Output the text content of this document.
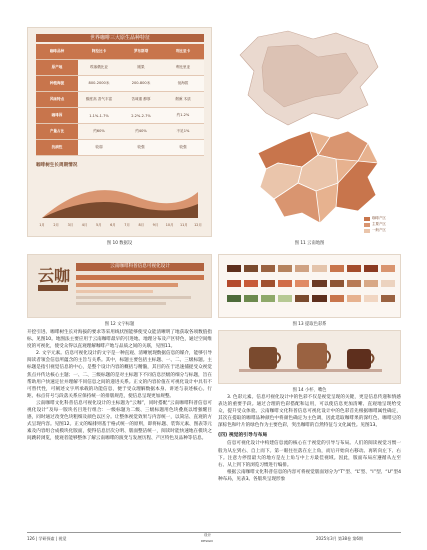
世界咖啡三大原生品种特征
咖啡品种	阿拉比卡	罗布斯塔	利比里卡
原产地	埃塞俄比亚	刚果	利比里亚
种植海拔	800-2000米	200-800米	低海拔
风味特点	酸度高 香气丰富	苦味重 醇厚	烟熏 木质
咖啡因	1.1%-1.7%	2.2%-2.7%	约1.2%
产量占比	约60%	约40%	不足1%
抗病性	较弱	较强	较强
咖啡树生长周期情况
1月	2月	3月	4月	5月	6月	7月	8月	9月 10月 11月 12月
图 10 数据设
咖啡产区
主要产区
一般产区
图 11 云南地图
云咖	云南咖啡科普信息可视化设计
图 12 文字标题	图 13 提取色彩系
图 14 小杯、嘴色

开挖引进、咖啡树生长对海拔的要求等采用线状图能够使受众能清晰明了地获取各项数值指标。见图10。地图法主要应用于云南咖啡最早的引进地、地理分布及产区特色，通过空间维度的可视化，使受众得以直观理解咖啡产地与品质之间的关联，见图11。

2. 文字元素。信息可视化设计的文字是一种直观、清晰展现数据信息的媒介，能够引导阅读者领会信息所蕴含的主旨与关系。其中，标题主要包括主标题、一、二、三级标题。主标题是指引视觉信息的中心，是整个设计内容的概括与精髓，其目的在于迅速捕捉受众视觉焦点并传达核心主题；一、二、三级标题的是对主标题下不同信息层级的细分与标题，旨在帮助用户快速定位并理解不同信息之间的递进关系。正文的内容价值在可视化设计中具有不可替代性，可阐述文字所承载的功能信息，便于受众理解数据本身、讲述与表述核心。行距、标点符号与段落关系应保持统一的排版规范，使信息呈现更加规整。

云南咖啡文化科普信息可视化设计的主标题为“云咖”，同时搭配“云南咖啡科普信息可视化设计”及每一版块名目进行组合：一级标题为二级、三级标题用色块叠底以增强醒目感，同时通过改变色块粗细及颜色以区分。让整体视觉效果与内容统一，以简洁、直观的方式呈现内容。见图12。正文的编排则基于格式统一的原则，即将标题、装饰元素、图表等元素及内容组合成模块化版面，使得信息层次分明、版面整洁统一，阅读时能快速地在模块之间跳转浏览，使观者能够整体了解云南咖啡的演变与发展历程、产区特色及品种等信息。

3. 色彩元素。信息可视化设计中的色彩不仅是视觉呈现的关键，更是信息传递和情感表达的重要手段。通过合理的色彩搭配和运用，可以使信息更加清晰、直观地呈现给受众，提升受众体验。云南咖啡文化科普信息可视化设计中的色彩首先根据咖啡属性确定，其次在提取的咖啡品种颜色中将颜色确定为主色调，因此选取咖啡果的深红色、咖啡豆的深棕色和叶片的绿色作为主要色彩，突出咖啡的自然特征与文化属性。见图13。

(四) 视觉的引导与布局

信息可视化设计中构建信息流的核心在于视觉的引导与布局。人们的阅读视觉习惯一般为从左到右、自上而下。第一眼往往落在左上角，而后开始向右移动。再转向左下、右下。注意力停留最大的地方是左上角与中上方最佳视域。因此，版面布局应遵循从左至右、从上到下的浏览习惯进行编排。

根据云南咖啡文化科普信息的内容可将视觉版面划分为“T”型、“L”型、“I”型、“U”型4种布局，见表3。各版块呈现形象

126 | 学研探索 | 视觉
设计
DESIGN	2025年3月 第38卷 第6期
